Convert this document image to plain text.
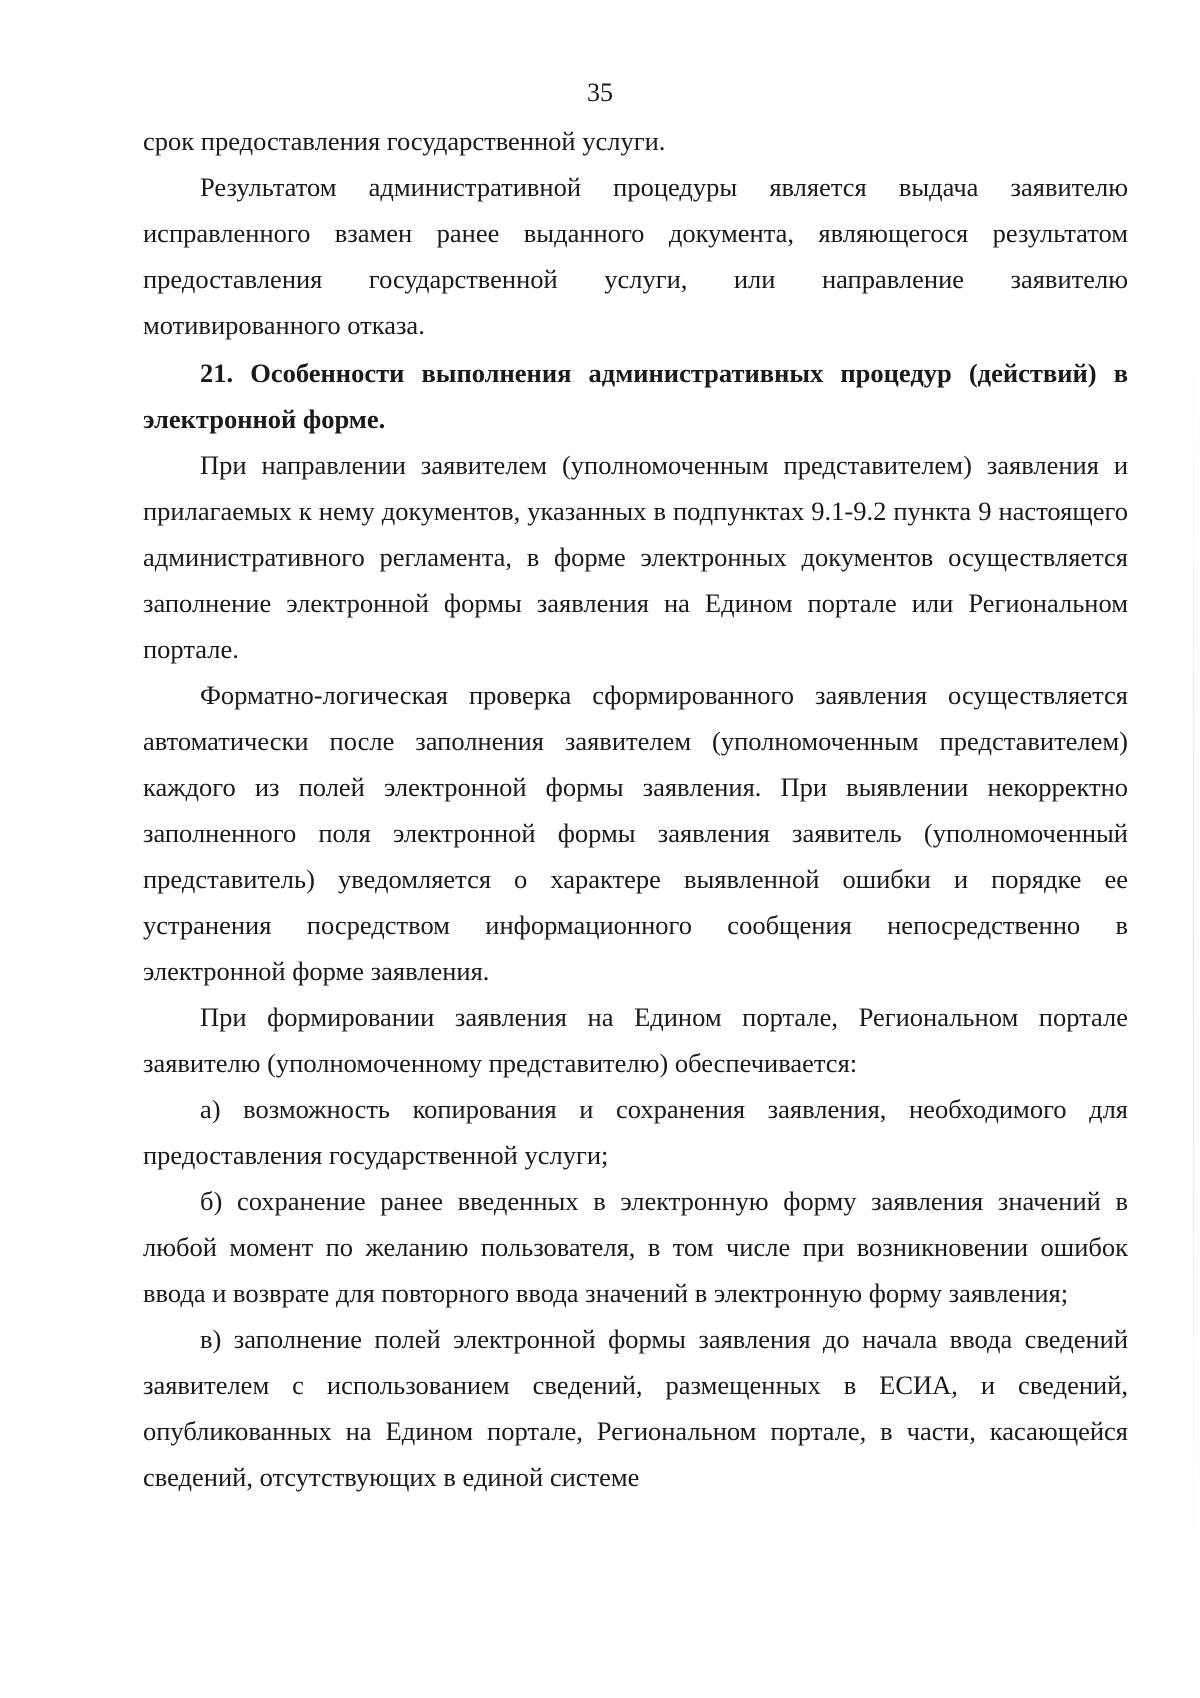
35

срок предоставления государственной услуги.

Результатом административной процедуры является выдача заявителю исправленного взамен ранее выданного документа, являющегося результатом предоставления государственной услуги, или направление заявителю мотивированного отказа.

21. Особенности выполнения административных процедур (действий) в электронной форме.

При направлении заявителем (уполномоченным представителем) заявления и прилагаемых к нему документов, указанных в подпунктах 9.1-9.2 пункта 9 настоящего административного регламента, в форме электронных документов осуществляется заполнение электронной формы заявления на Едином портале или Региональном портале.

Форматно-логическая проверка сформированного заявления осуществляется автоматически после заполнения заявителем (уполномоченным представителем) каждого из полей электронной формы заявления. При выявлении некорректно заполненного поля электронной формы заявления заявитель (уполномоченный представитель) уведомляется о характере выявленной ошибки и порядке ее устранения посредством информационного сообщения непосредственно в электронной форме заявления.

При формировании заявления на Едином портале, Региональном портале заявителю (уполномоченному представителю) обеспечивается:

а) возможность копирования и сохранения заявления, необходимого для предоставления государственной услуги;

б) сохранение ранее введенных в электронную форму заявления значений в любой момент по желанию пользователя, в том числе при возникновении ошибок ввода и возврате для повторного ввода значений в электронную форму заявления;

в) заполнение полей электронной формы заявления до начала ввода сведений заявителем с использованием сведений, размещенных в ЕСИА, и сведений, опубликованных на Едином портале, Региональном портале, в части, касающейся сведений, отсутствующих в единой системе
